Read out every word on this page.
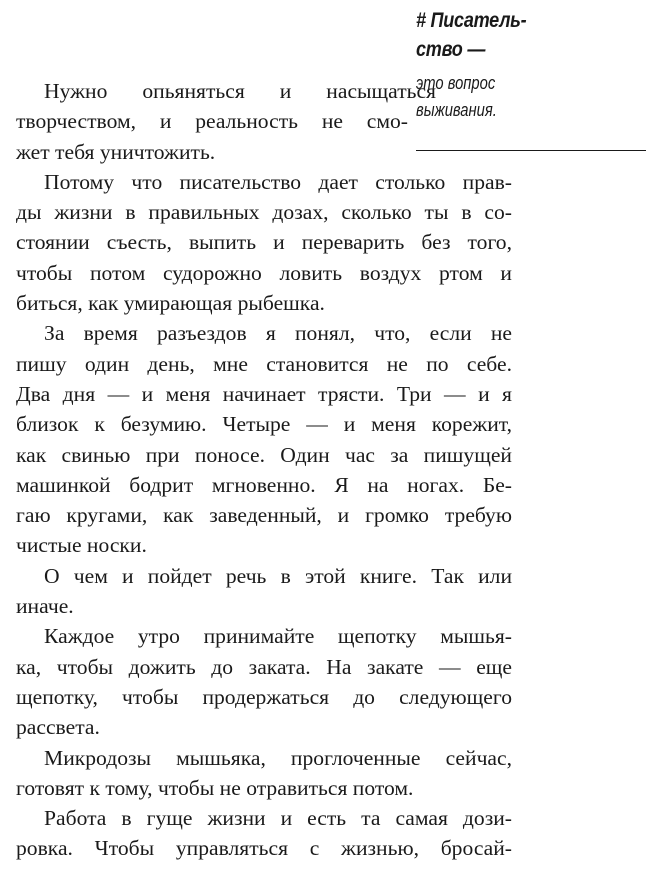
# Писатель-
ство —
это вопрос
выживания.
Нужно опьяняться и насыщаться
творчеством, и реальность не смо-
жет тебя уничтожить.
Потому что писательство дает столько прав-
ды жизни в правильных дозах, сколько ты в со-
стоянии съесть, выпить и переварить без того,
чтобы потом судорожно ловить воздух ртом и
биться, как умирающая рыбешка.
За время разъездов я понял, что, если не
пишу один день, мне становится не по себе.
Два дня — и меня начинает трясти. Три — и я
близок к безумию. Четыре — и меня корежит,
как свинью при поносе. Один час за пишущей
машинкой бодрит мгновенно. Я на ногах. Бе-
гаю кругами, как заведенный, и громко требую
чистые носки.
О чем и пойдет речь в этой книге. Так или
иначе.
Каждое утро принимайте щепотку мышья-
ка, чтобы дожить до заката. На закате — еще
щепотку, чтобы продержаться до следующего
рассвета.
Микродозы мышьяка, проглоченные сейчас,
готовят к тому, чтобы не отравиться потом.
Работа в гуще жизни и есть та самая дози-
ровка. Чтобы управляться с жизнью, бросай-
